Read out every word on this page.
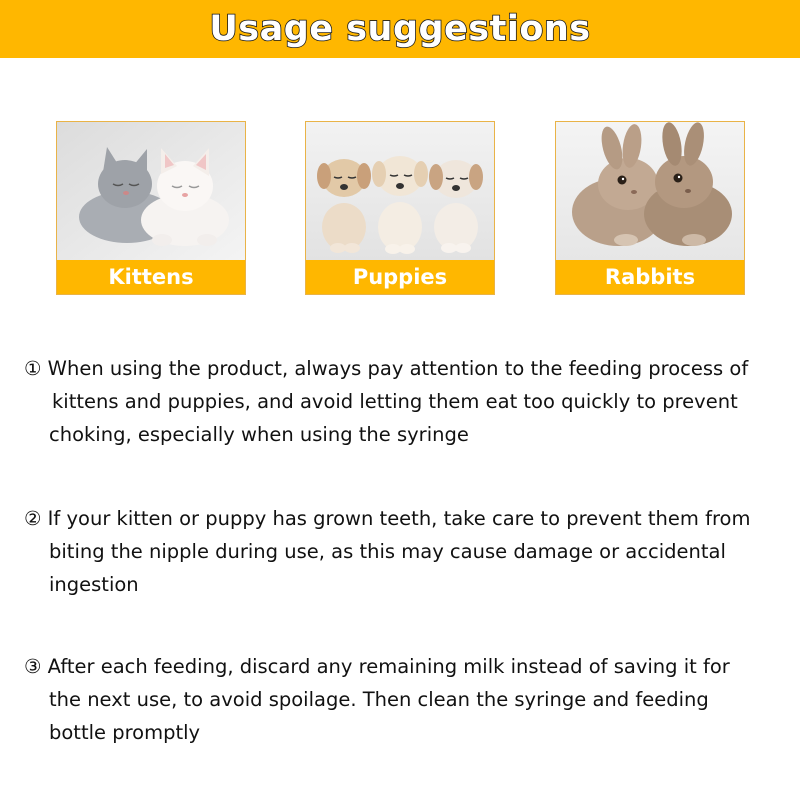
Usage suggestions
Kittens	Puppies	Rabbits
① When using the product, always pay attention to the feeding process of
kittens and puppies, and avoid letting them eat too quickly to prevent
choking, especially when using the syringe
② If your kitten or puppy has grown teeth, take care to prevent them from
biting the nipple during use, as this may cause damage or accidental
ingestion
③ After each feeding, discard any remaining milk instead of saving it for
the next use, to avoid spoilage. Then clean the syringe and feeding
bottle promptly
